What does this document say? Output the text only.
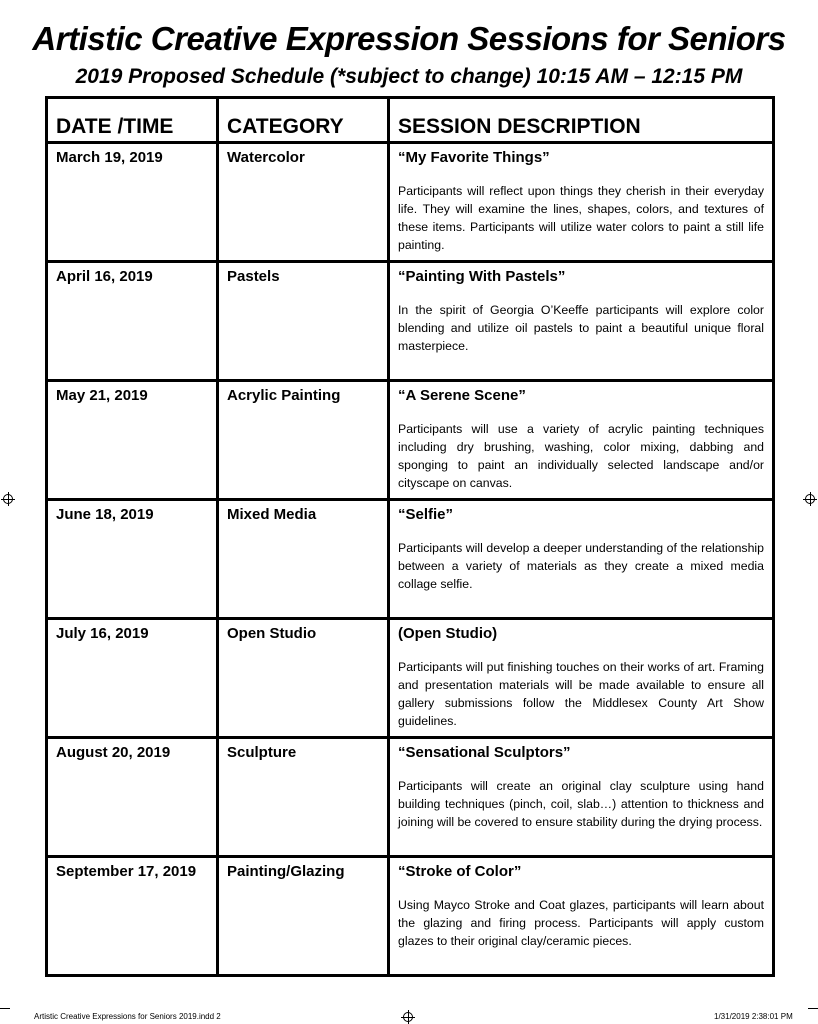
Artistic Creative Expression Sessions for Seniors
2019 Proposed Schedule (*subject to change) 10:15 AM – 12:15 PM
DATE /TIME	CATEGORY	SESSION DESCRIPTION
March 19, 2019	Watercolor	“My Favorite Things”

Participants will reflect upon things they cherish in their everyday life. They will examine the lines, shapes, colors, and textures of these items. Participants will utilize water colors to paint a still life painting.

April 16, 2019	Pastels	“Painting With Pastels”

In the spirit of Georgia O’Keeffe participants will explore color blending and utilize oil pastels to paint a beautiful unique floral masterpiece.

May 21, 2019	Acrylic Painting	“A Serene Scene”

Participants will use a variety of acrylic painting techniques including dry brushing, washing, color mixing, dabbing and sponging to paint an individually selected landscape and/or cityscape on canvas.

June 18, 2019	Mixed Media	“Selfie”

Participants will develop a deeper understanding of the relationship between a variety of materials as they create a mixed media collage selfie.

July 16, 2019	Open Studio	(Open Studio)

Participants will put finishing touches on their works of art. Framing and presentation materials will be made available to ensure all gallery submissions follow the Middlesex County Art Show guidelines.

August 20, 2019	Sculpture	“Sensational Sculptors”

Participants will create an original clay sculpture using hand building techniques (pinch, coil, slab…) attention to thickness and joining will be covered to ensure stability during the drying process.

September 17, 2019	Painting/Glazing	“Stroke of Color”

Using Mayco Stroke and Coat glazes, participants will learn about the glazing and firing process. Participants will apply custom glazes to their original clay/ceramic pieces.

Artistic Creative Expressions for Seniors 2019.indd 2	1/31/2019 2:38:01 PM
